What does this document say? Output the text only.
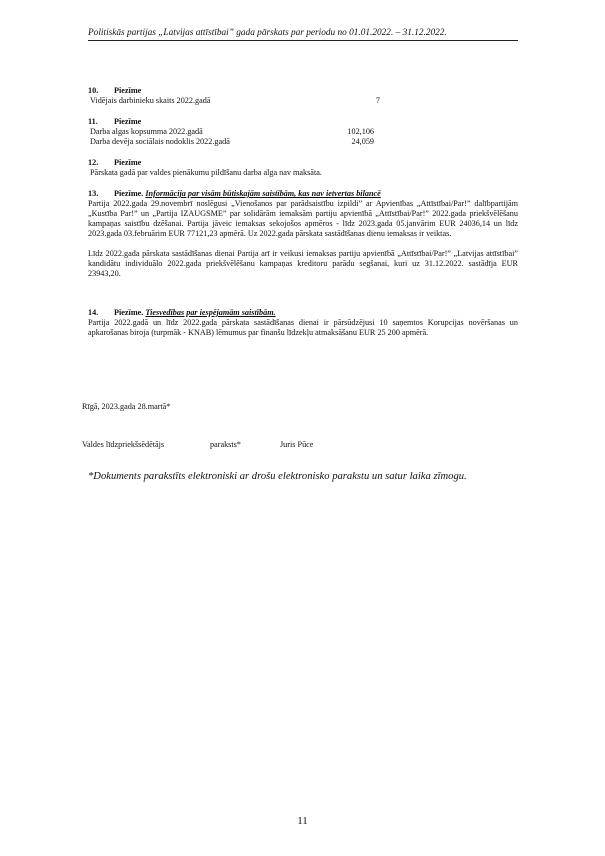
Politiskās partijas „Latvijas attīstībai” gada pārskats par periodu no 01.01.2022. – 31.12.2022.
10. Piezīme
Vidējais darbinieku skaits 2022.gadā	7
11. Piezīme
Darba algas kopsumma 2022.gadā	102,106
Darba devēja sociālais nodoklis 2022.gadā	24,059
12. Piezīme
Pārskata gadā par valdes pienākumu pildīšanu darba alga nav maksāta.
13. Piezīme. Informācija par visām būtiskajām saistībām, kas nav ietvertas bilancē
Partija 2022.gada 29.novembrī noslēgusi „Vienošanos par parādsaistību izpildi” ar Apvienības „Attīstībai/Par!” dalībpartijām „Kustība Par!” un „Partija IZAUGSME” par solidārām iemaksām partiju apvienībā „Attīstībai/Par!” 2022.gada priekšvēlēšanu kampaņas saistību dzēšanai. Partija jāveic iemaksas sekojošos apmēros - līdz 2023.gada 05.janvārim EUR 24036,14 un līdz 2023.gada 03.februārim EUR 77121,23 apmērā. Uz 2022.gada pārskata sastādīšanas dienu iemaksas ir veiktas.
Līdz 2022.gada pārskata sastādīšanas dienai Partija arī ir veikusi iemaksas partiju apvienībā „Attīstībai/Par!” „Latvijas attīstībai” kandidātu individuālo 2022.gada priekšvēlēšanu kampaņas kreditoru parādu segšanai, kuri uz 31.12.2022. sastādīja EUR 23943,20.
14. Piezīme. Tiesvedības par iespējamām saistībām.
Partija 2022.gadā un līdz 2022.gada pārskata sastādīšanas dienai ir pārsūdzējusi 10 saņemtos Korupcijas novēršanas un apkarošanas biroja (turpmāk - KNAB) lēmumus par finanšu līdzekļu atmaksāšanu EUR 25 200 apmērā.
Rīgā, 2023.gada 28.martā*
Valdes līdzpriekšsēdētājs	paraksts*	Juris Pūce
*Dokuments parakstīts elektroniski ar drošu elektronisko parakstu un satur laika zīmogu.
11
